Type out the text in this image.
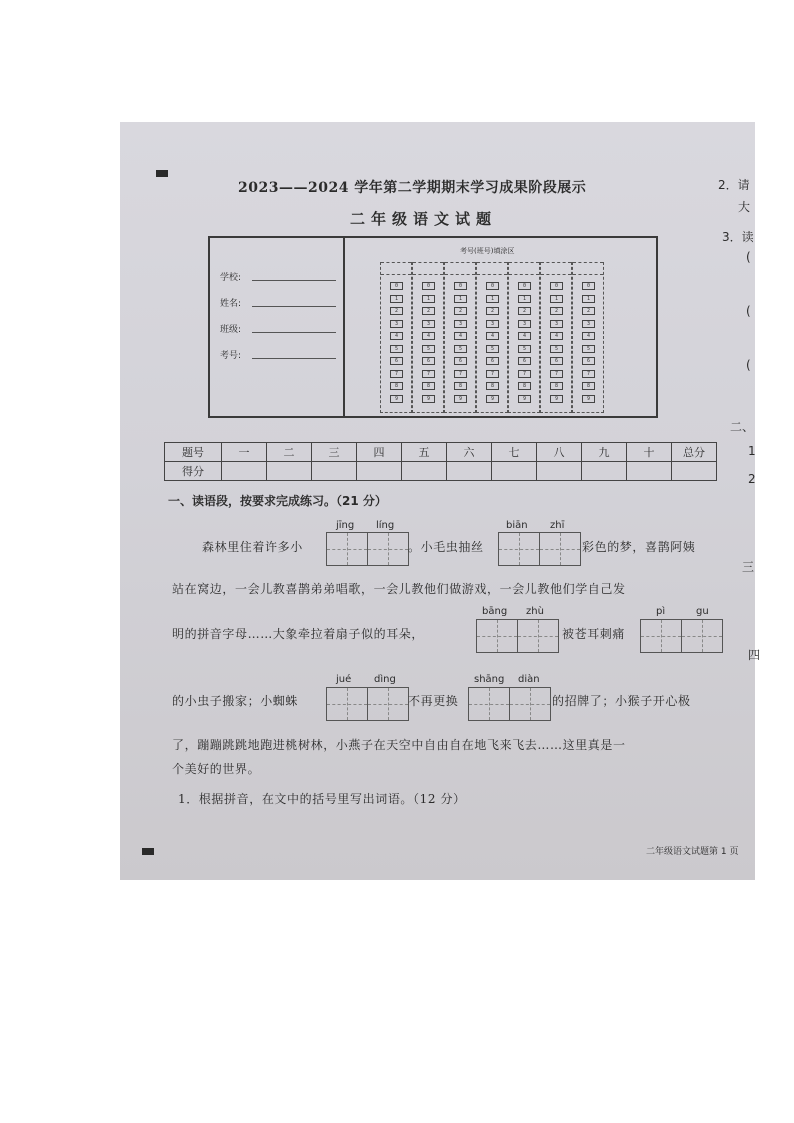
2023——2024 学年第二学期期末学习成果阶段展示
二年级语文试题
学校:
姓名:
班级:
考号:
考号(班号)填涂区
0
1
2
3
4
5
6
7
8
9
0
1
2
3
4
5
6
7
8
9
0
1
2
3
4
5
6
7
8
9
0
1
2
3
4
5
6
7
8
9
0
1
2
3
4
5
6
7
8
9
0
1
2
3
4
5
6
7
8
9
0
1
2
3
4
5
6
7
8
9
题号	一	二	三	四	五	六	七	八	九	十	总分
得分											
一、读语段，按要求完成练习。（21 分）
森林里住着许多小
jīng líng
。小毛虫抽丝
biān zhī
彩色的梦，喜鹊阿姨
站在窝边，一会儿教喜鹊弟弟唱歌，一会儿教他们做游戏，一会儿教他们学自己发
明的拼音字母……大象牵拉着扇子似的耳朵，
bāng zhù
被苍耳刺痛
pì	gu
的小虫子搬家；小蜘蛛
jué dìng
不再更换
shāng diàn
的招牌了；小猴子开心极
了，蹦蹦跳跳地跑进桃树林，小燕子在天空中自由自在地飞来飞去……这里真是一
个美好的世界。
1．根据拼音，在文中的括号里写出词语。（12 分）
二年级语文试题第 1 页
2．请
大
3．读
(
(
(
二、
1
2
三
四
